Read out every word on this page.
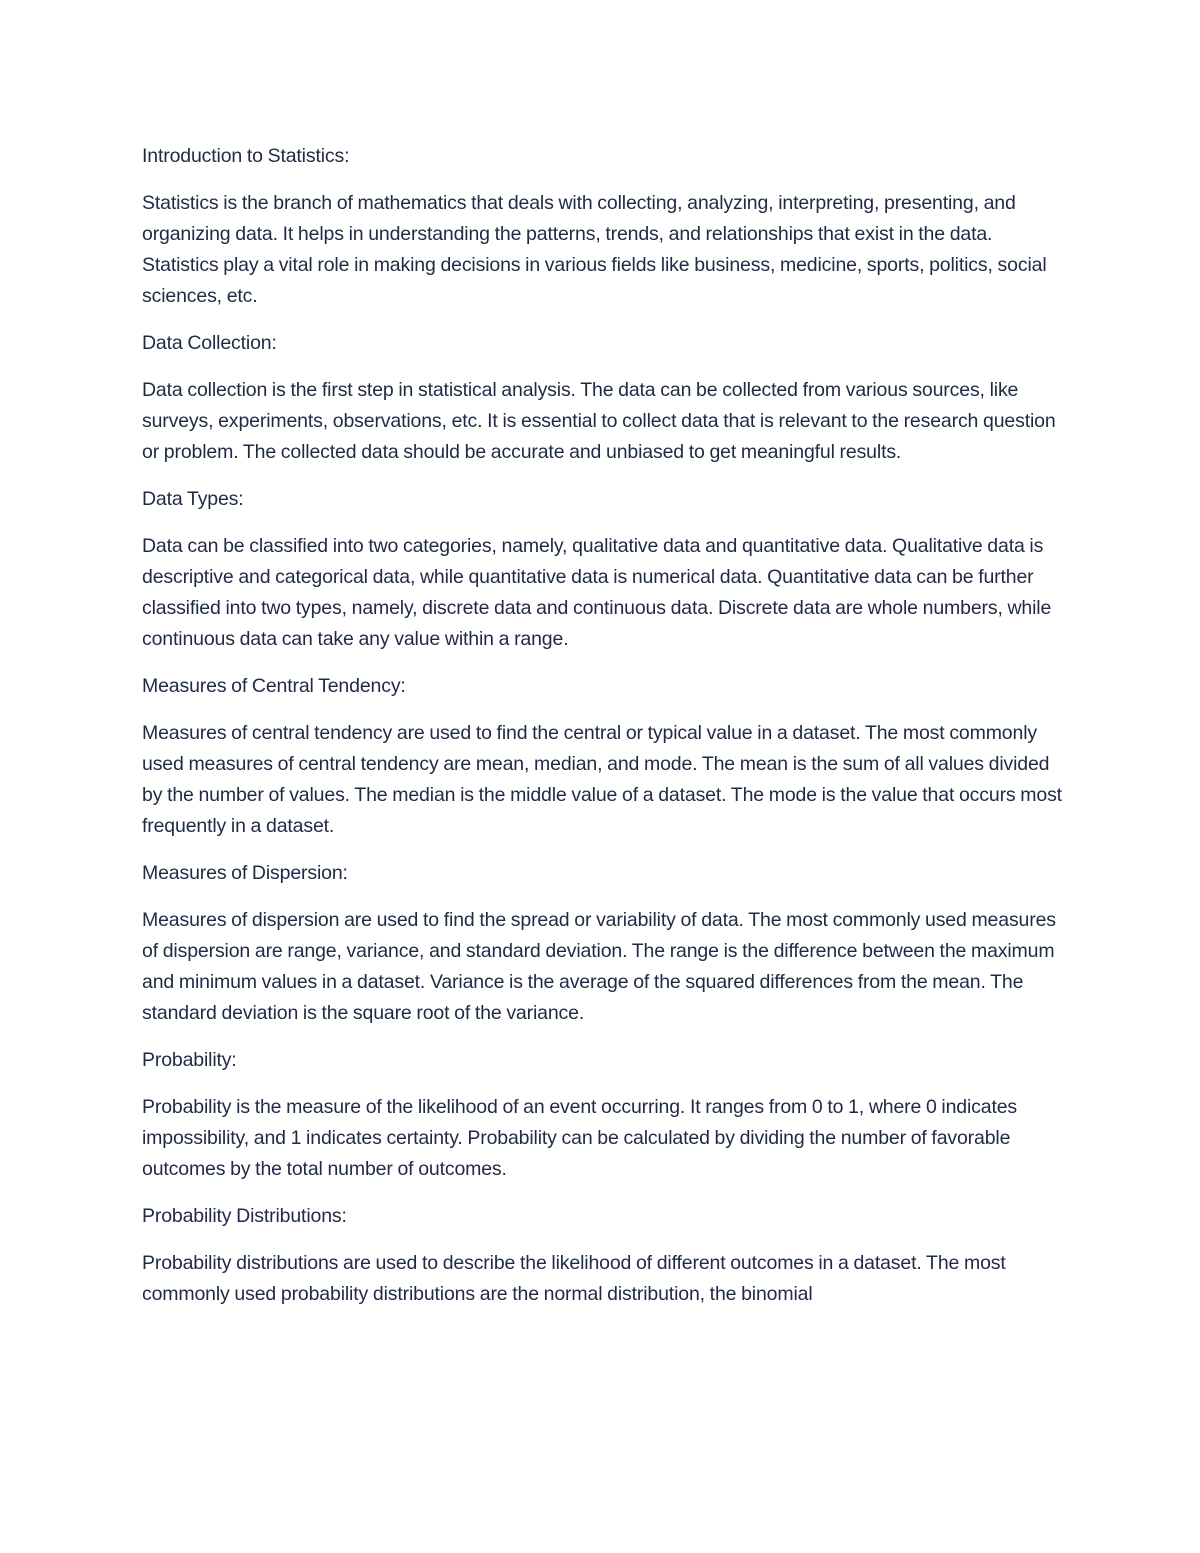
Introduction to Statistics:

Statistics is the branch of mathematics that deals with collecting, analyzing, interpreting, presenting, and organizing data. It helps in understanding the patterns, trends, and relationships that exist in the data. Statistics play a vital role in making decisions in various fields like business, medicine, sports, politics, social sciences, etc.

Data Collection:

Data collection is the first step in statistical analysis. The data can be collected from various sources, like surveys, experiments, observations, etc. It is essential to collect data that is relevant to the research question or problem. The collected data should be accurate and unbiased to get meaningful results.

Data Types:

Data can be classified into two categories, namely, qualitative data and quantitative data. Qualitative data is descriptive and categorical data, while quantitative data is numerical data. Quantitative data can be further classified into two types, namely, discrete data and continuous data. Discrete data are whole numbers, while continuous data can take any value within a range.

Measures of Central Tendency:

Measures of central tendency are used to find the central or typical value in a dataset. The most commonly used measures of central tendency are mean, median, and mode. The mean is the sum of all values divided by the number of values. The median is the middle value of a dataset. The mode is the value that occurs most frequently in a dataset.

Measures of Dispersion:

Measures of dispersion are used to find the spread or variability of data. The most commonly used measures of dispersion are range, variance, and standard deviation. The range is the difference between the maximum and minimum values in a dataset. Variance is the average of the squared differences from the mean. The standard deviation is the square root of the variance.

Probability:

Probability is the measure of the likelihood of an event occurring. It ranges from 0 to 1, where 0 indicates impossibility, and 1 indicates certainty. Probability can be calculated by dividing the number of favorable outcomes by the total number of outcomes.

Probability Distributions:

Probability distributions are used to describe the likelihood of different outcomes in a dataset. The most commonly used probability distributions are the normal distribution, the binomial
